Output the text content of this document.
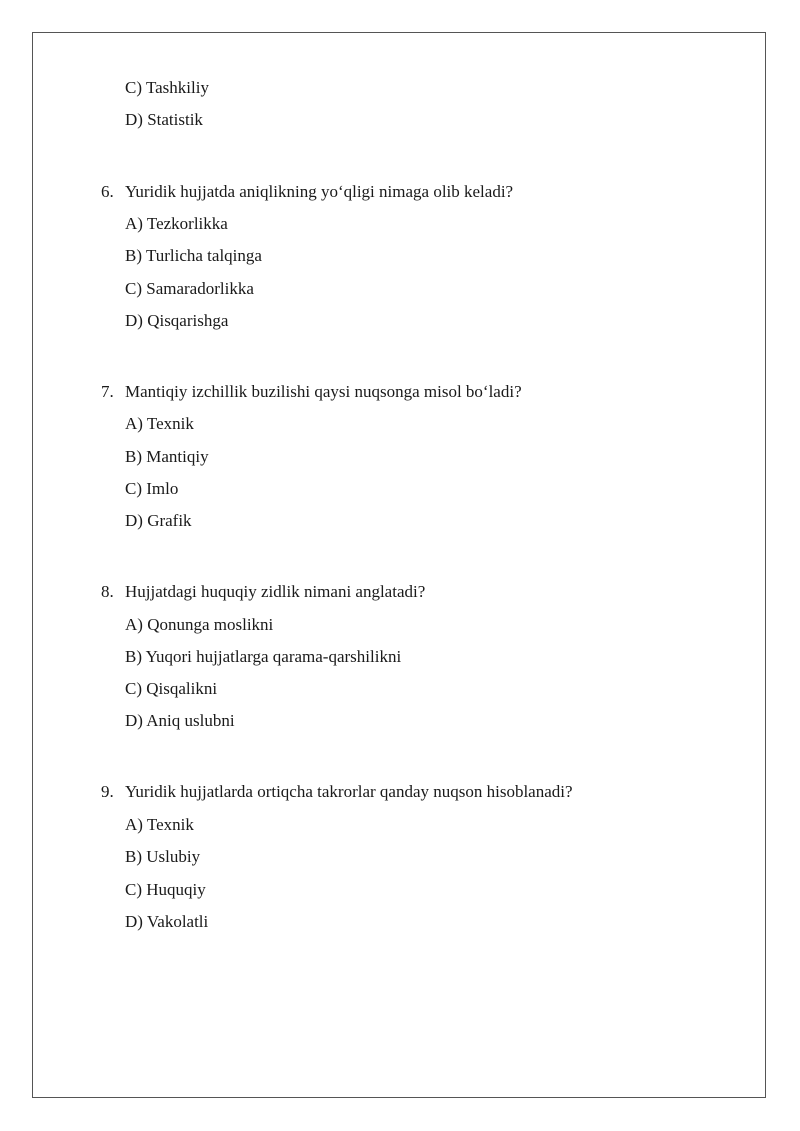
C) Tashkiliy
D) Statistik
6. Yuridik hujjatda aniqlikning yo‘qligi nimaga olib keladi?
A) Tezkorlikka
B) Turlicha talqinga
C) Samaradorlikka
D) Qisqarishga
7. Mantiqiy izchillik buzilishi qaysi nuqsonga misol bo‘ladi?
A) Texnik
B) Mantiqiy
C) Imlo
D) Grafik
8. Hujjatdagi huquqiy zidlik nimani anglatadi?
A) Qonunga moslikni
B) Yuqori hujjatlarga qarama-qarshilikni
C) Qisqalikni
D) Aniq uslubni
9. Yuridik hujjatlarda ortiqcha takrorlar qanday nuqson hisoblanadi?
A) Texnik
B) Uslubiy
C) Huquqiy
D) Vakolatli
